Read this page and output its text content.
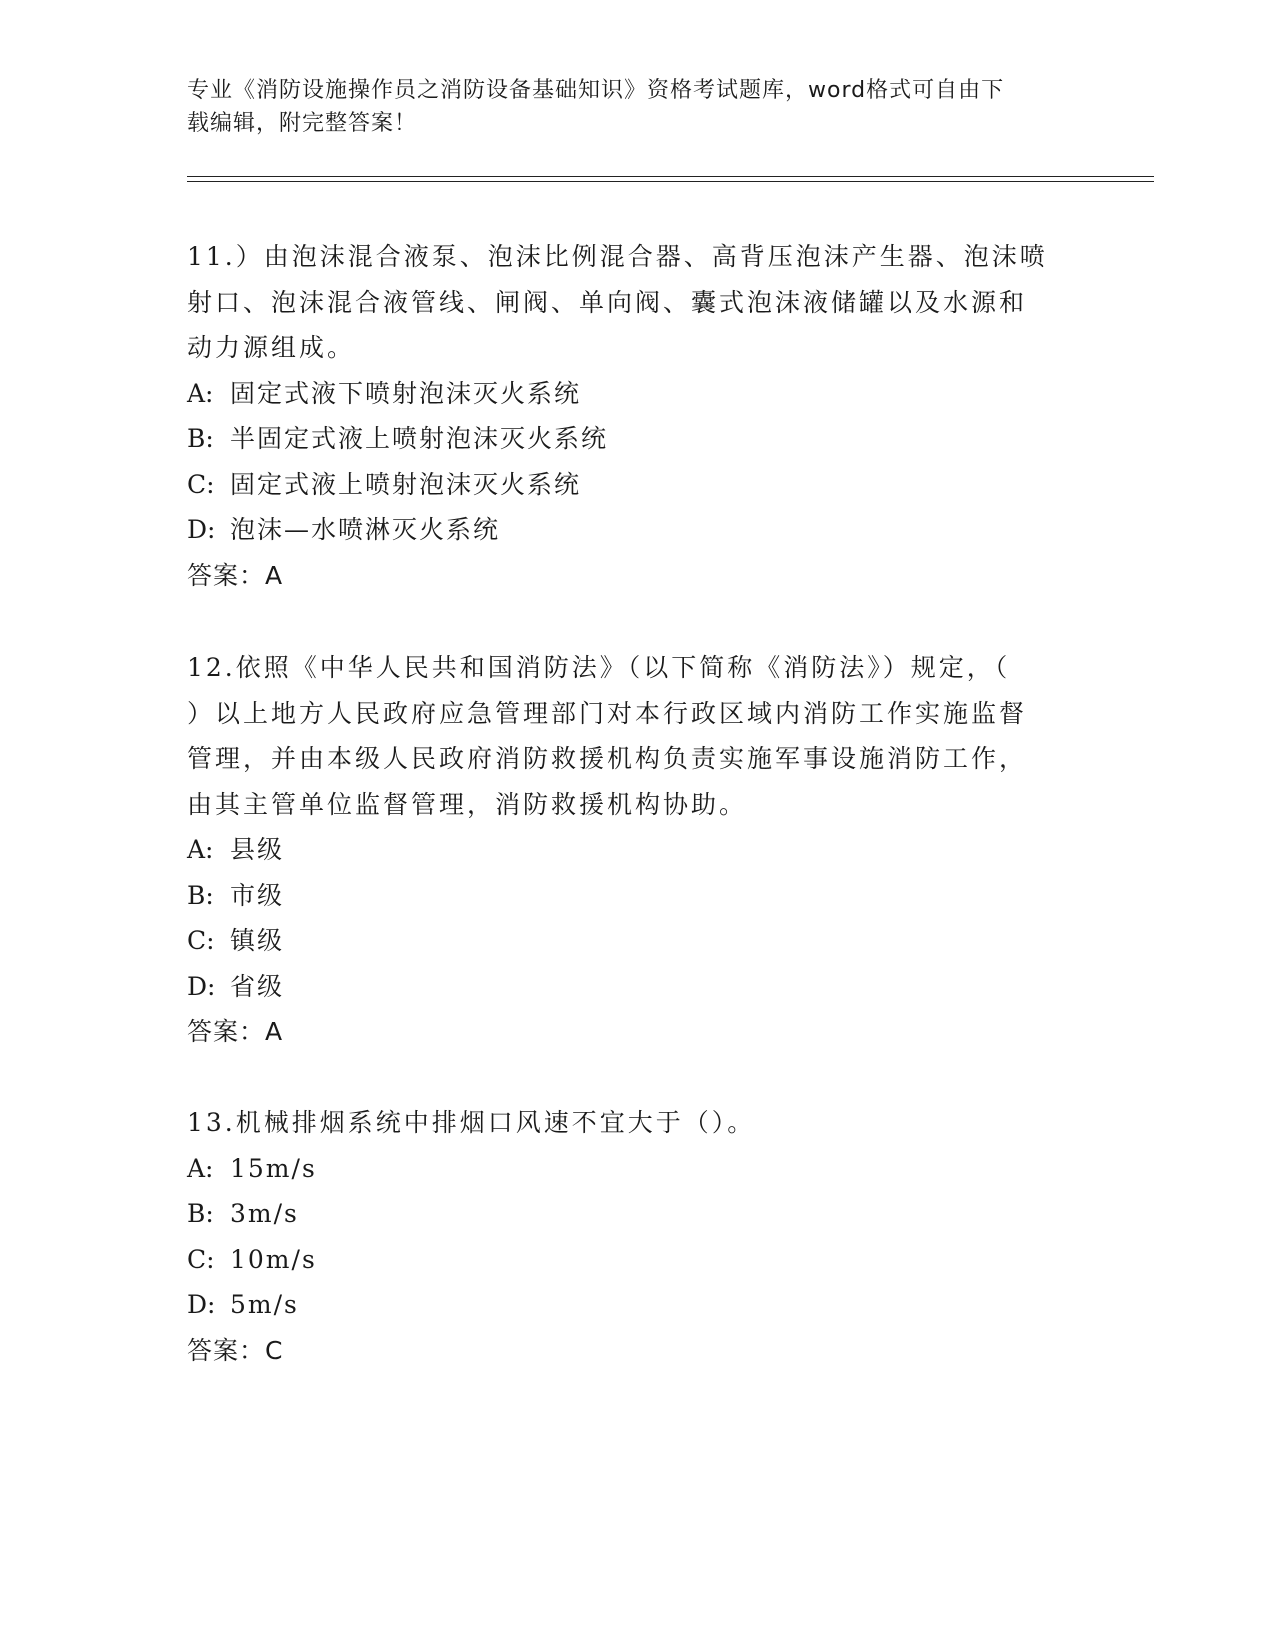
专业《消防设施操作员之消防设备基础知识》资格考试题库，word格式可自由下
载编辑，附完整答案！
11.）由泡沫混合液泵、泡沫比例混合器、高背压泡沫产生器、泡沫喷
射口、泡沫混合液管线、闸阀、单向阀、囊式泡沫液储罐以及水源和
动力源组成。
A: 固定式液下喷射泡沫灭火系统
B: 半固定式液上喷射泡沫灭火系统
C: 固定式液上喷射泡沫灭火系统
D: 泡沫—水喷淋灭火系统
答案：A
12.依照《中华人民共和国消防法》（以下简称《消防法》）规定，（
）以上地方人民政府应急管理部门对本行政区域内消防工作实施监督
管理，并由本级人民政府消防救援机构负责实施军事设施消防工作，
由其主管单位监督管理，消防救援机构协助。
A: 县级
B: 市级
C: 镇级
D: 省级
答案：A
13.机械排烟系统中排烟口风速不宜大于（）。
A: 15m/s
B: 3m/s
C: 10m/s
D: 5m/s
答案：C
